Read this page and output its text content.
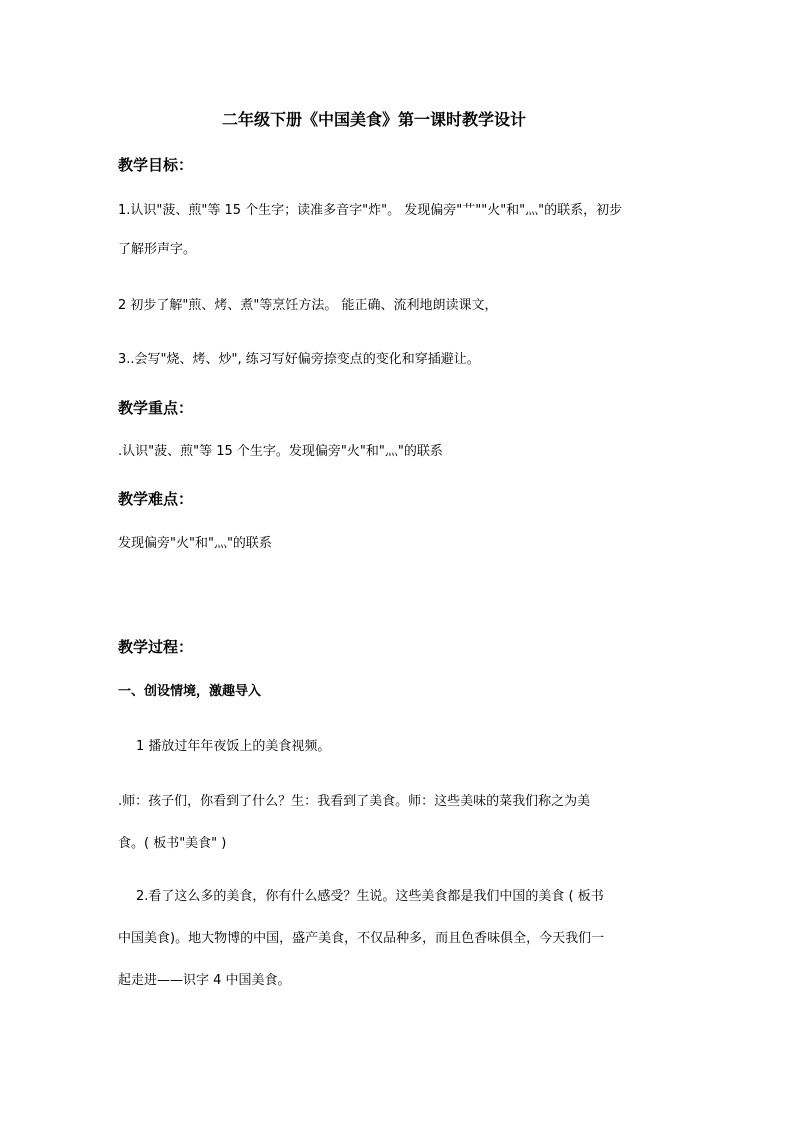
二年级下册《中国美食》第一课时教学设计
教学目标：
1.认识"菠、煎"等 15 个生字；读准多音字"炸"。 发现偏旁"艹""火"和"灬"的联系，初步
了解形声字。
2 初步了解"煎、烤、煮"等烹饪方法。 能正确、流利地朗读课文，
3..会写"烧、烤、炒", 练习写好偏旁捺变点的变化和穿插避让。
教学重点：
.认识"菠、煎"等 15 个生字。发现偏旁"火"和"灬"的联系
教学难点：
发现偏旁"火"和"灬"的联系
教学过程：
一、创设情境，激趣导入
1 播放过年年夜饭上的美食视频。
.师：孩子们，你看到了什么？生：我看到了美食。师：这些美味的菜我们称之为美
食。( 板书"美食" )
2.看了这么多的美食，你有什么感受？生说。这些美食都是我们中国的美食 ( 板书
中国美食)。地大物博的中国，盛产美食，不仅品种多，而且色香味俱全，今天我们一
起走进——识字 4 中国美食。
